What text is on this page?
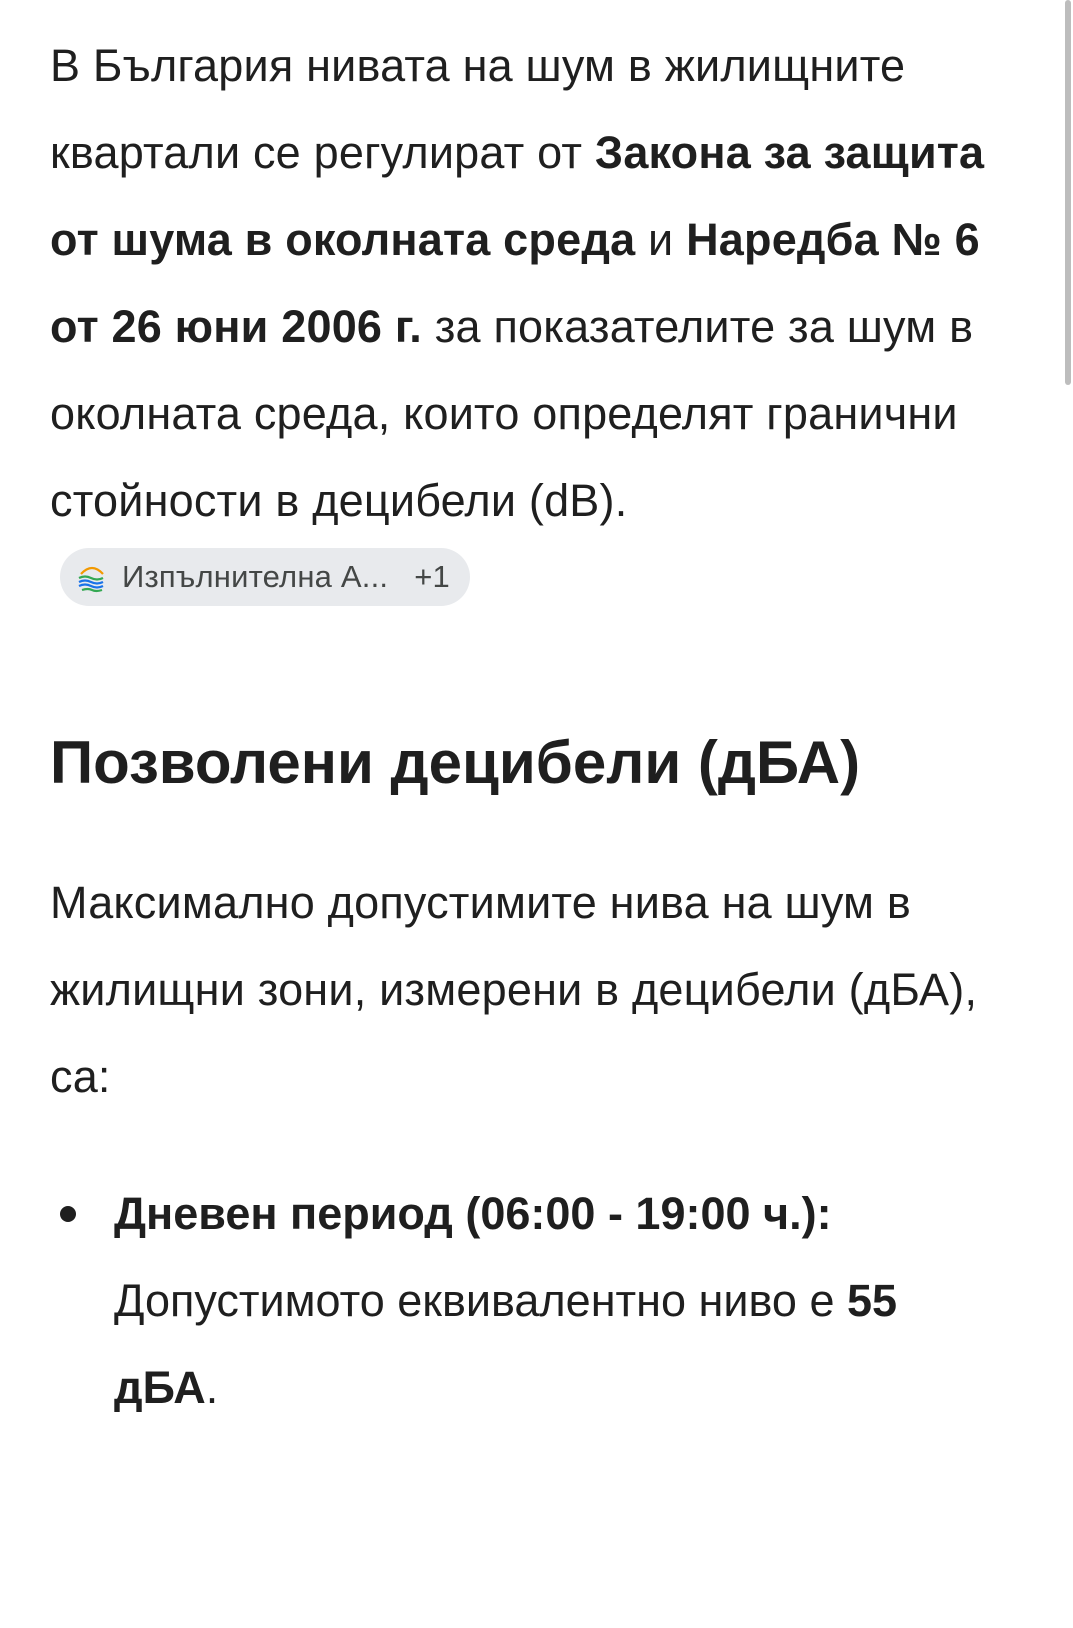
В България нивата на шум в жилищните квартали се регулират от Закона за защита от шума в околната среда и Наредба № 6 от 26 юни 2006 г. за показателите за шум в околната среда, които определят гранични стойности в децибели (dB).
Изпълнителна А... +1

Позволени децибели (дБА)

Максимално допустимите нива на шум в жилищни зони, измерени в децибели (дБА), са:

Дневен период (06:00 - 19:00 ч.): Допустимото еквивалентно ниво е 55 дБА.
